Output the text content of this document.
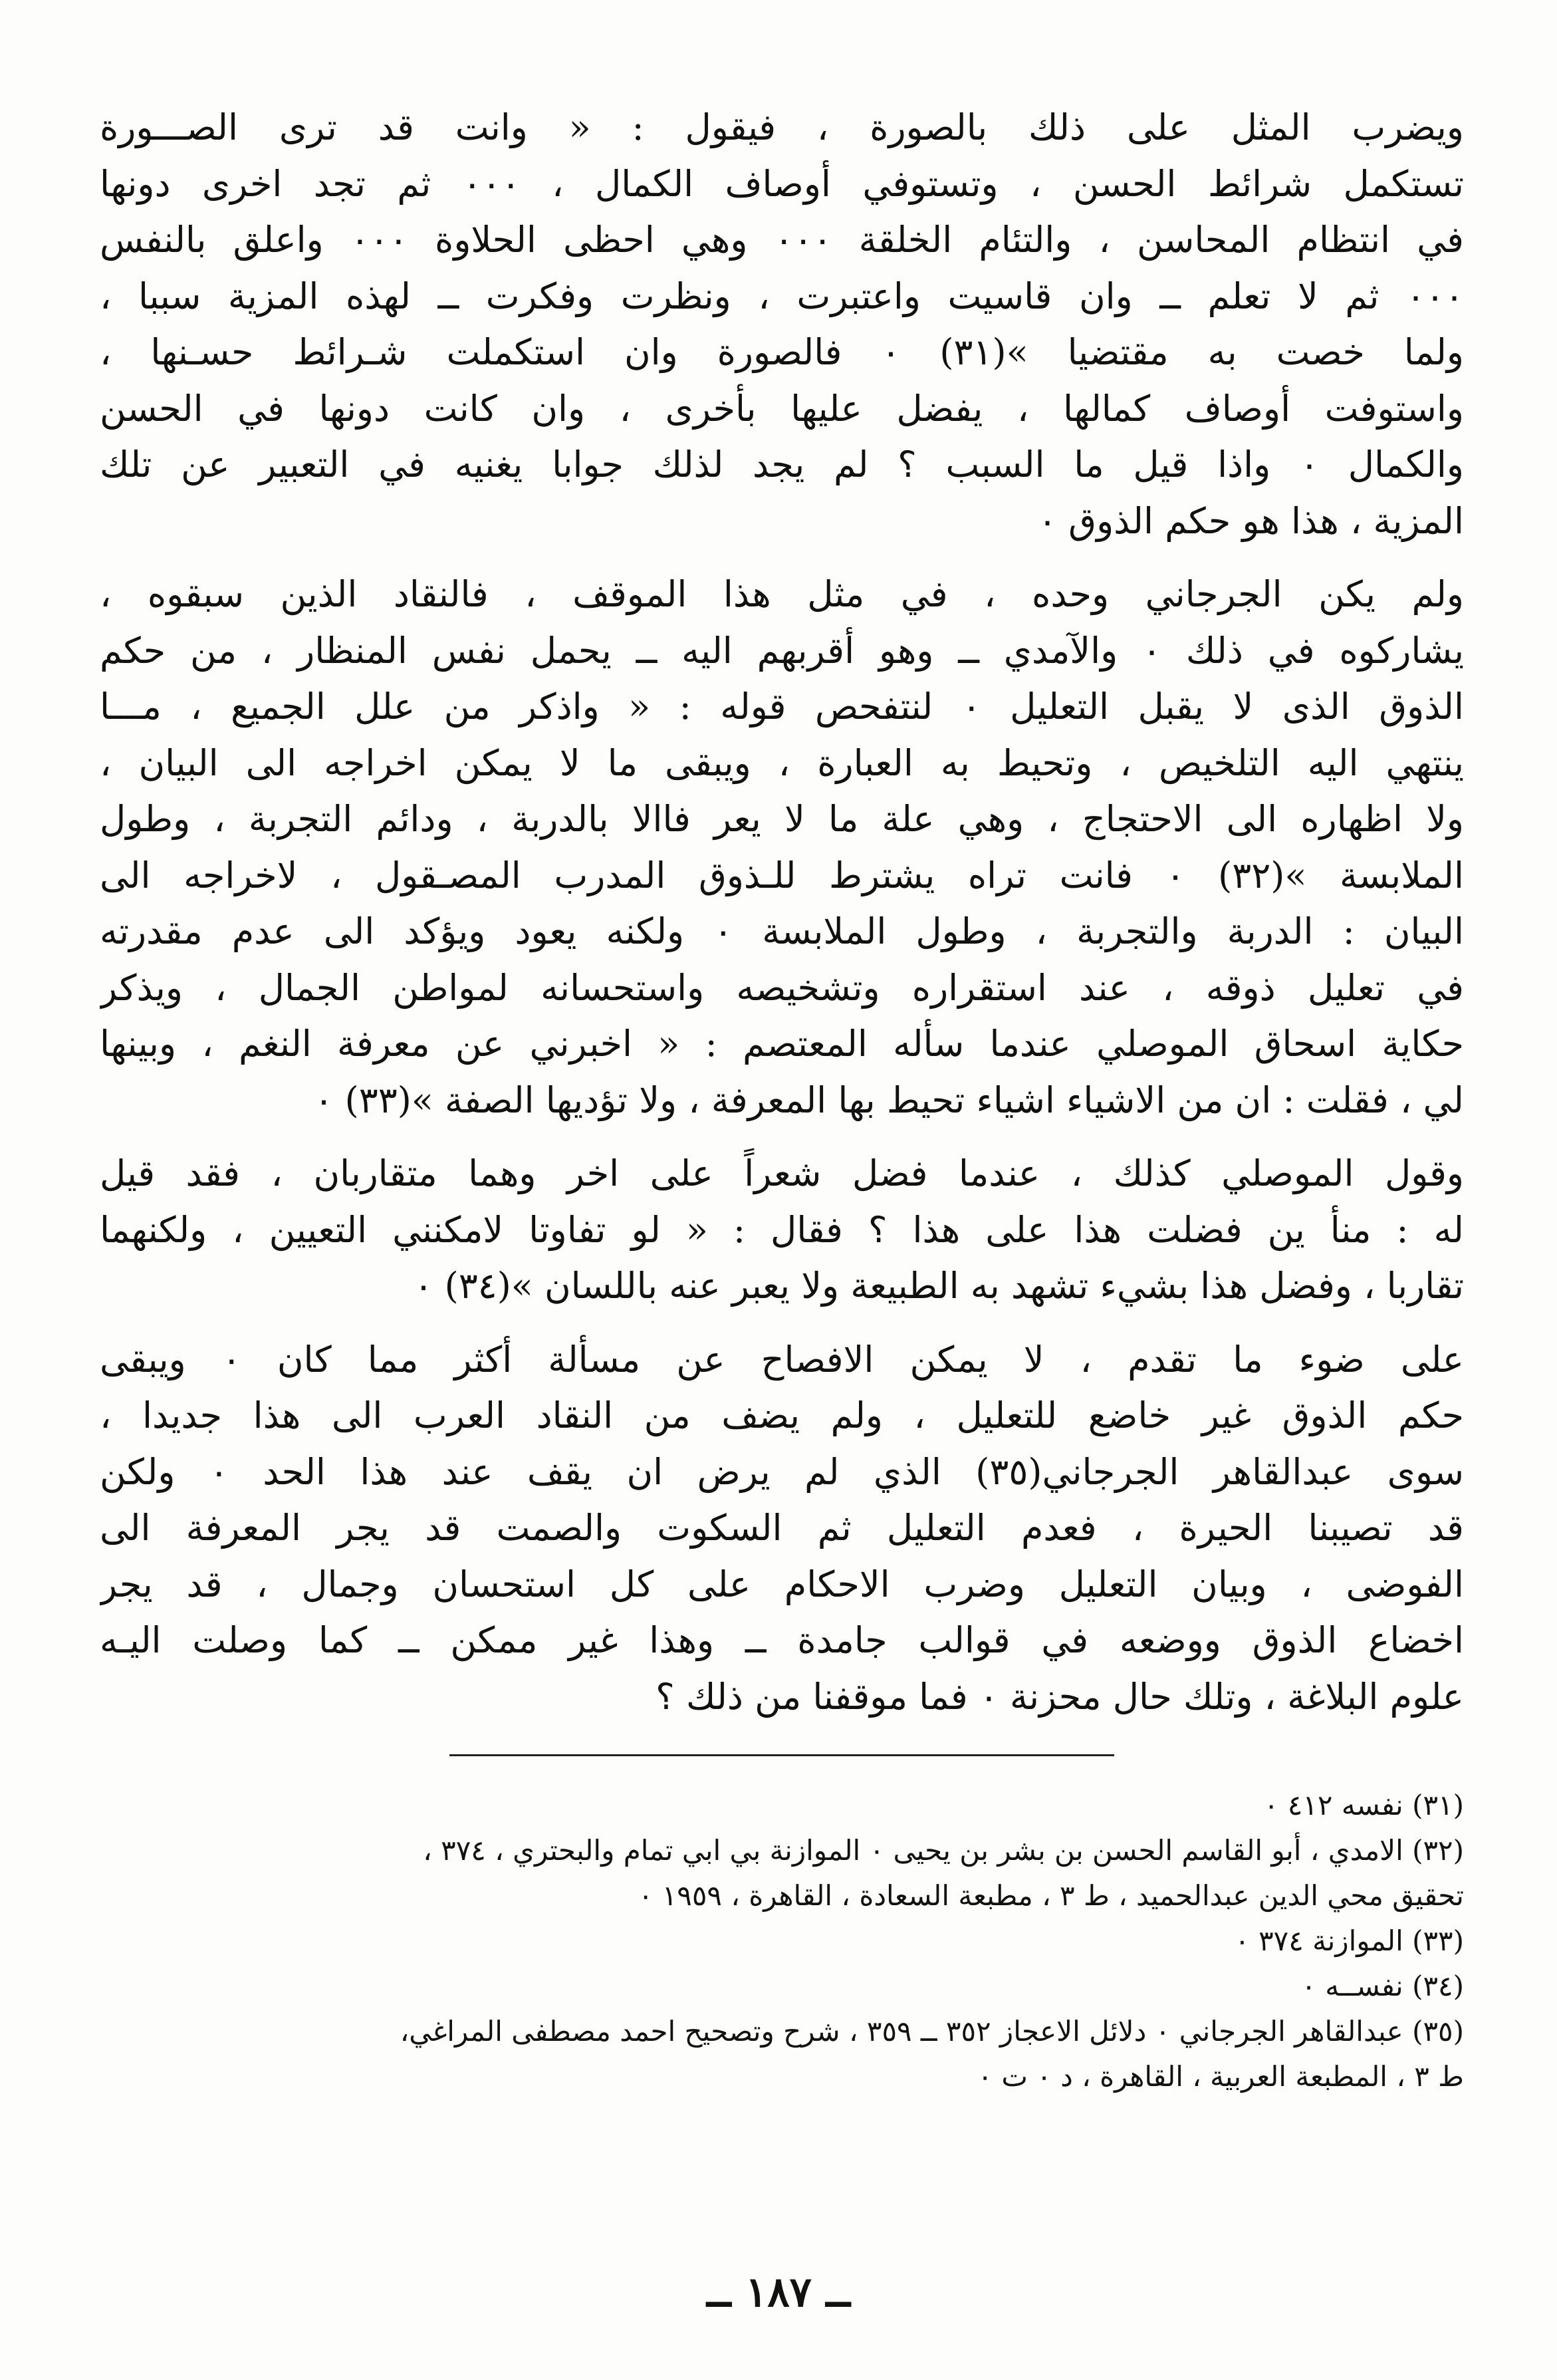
ويضرب المثل على ذلك بالصورة ، فيقول : « وانت قد ترى الصـــورة
تستكمل شرائط الحسن ، وتستوفي أوصاف الكمال ، ٠٠٠ ثم تجد اخرى دونها
في انتظام المحاسن ، والتئام الخلقة ٠٠٠ وهي احظى الحلاوة ٠٠٠ واعلق بالنفس
٠٠٠ ثم لا تعلم ــ وان قاسيت واعتبرت ، ونظرت وفكرت ــ لهذه المزية سببا ،
ولما خصت به مقتضيا »(٣١) ٠ فالصورة وان استكملت شـرائط حسـنها ،
واستوفت أوصاف كمالها ، يفضل عليها بأخرى ، وان كانت دونها في الحسن
والكمال ٠ واذا قيل ما السبب ؟ لم يجد لذلك جوابا يغنيه في التعبير عن تلك
المزية ، هذا هو حكم الذوق ٠
ولم يكن الجرجاني وحده ، في مثل هذا الموقف ، فالنقاد الذين سبقوه ،
يشاركوه في ذلك ٠ والآمدي ــ وهو أقربهم اليه ــ يحمل نفس المنظار ، من حكم
الذوق الذى لا يقبل التعليل ٠ لنتفحص قوله : « واذكر من علل الجميع ، مـــا
ينتهي اليه التلخيص ، وتحيط به العبارة ، ويبقى ما لا يمكن اخراجه الى البيان ،
ولا اظهاره الى الاحتجاج ، وهي علة ما لا يعر فاالا بالدربة ، ودائم التجربة ، وطول
الملابسة »(٣٢) ٠ فانت تراه يشترط للـذوق المدرب المصـقول ، لاخراجه الى
البيان : الدربة والتجربة ، وطول الملابسة ٠ ولكنه يعود ويؤكد الى عدم مقدرته
في تعليل ذوقه ، عند استقراره وتشخيصه واستحسانه لمواطن الجمال ، ويذكر
حكاية اسحاق الموصلي عندما سأله المعتصم : « اخبرني عن معرفة النغم ، وبينها
لي ، فقلت : ان من الاشياء اشياء تحيط بها المعرفة ، ولا تؤديها الصفة »(٣٣) ٠
وقول الموصلي كذلك ، عندما فضل شعراً على اخر وهما متقاربان ، فقد قيل
له : منأ ين فضلت هذا على هذا ؟ فقال : « لو تفاوتا لامكنني التعيين ، ولكنهما
تقاربا ، وفضل هذا بشيء تشهد به الطبيعة ولا يعبر عنه باللسان »(٣٤) ٠
على ضوء ما تقدم ، لا يمكن الافصاح عن مسألة أكثر مما كان ٠ ويبقى
حكم الذوق غير خاضع للتعليل ، ولم يضف من النقاد العرب الى هذا جديدا ،
سوى عبدالقاهر الجرجاني(٣٥) الذي لم يرض ان يقف عند هذا الحد ٠ ولكن
قد تصيبنا الحيرة ، فعدم التعليل ثم السكوت والصمت قد يجر المعرفة الى
الفوضى ، وبيان التعليل وضرب الاحكام على كل استحسان وجمال ، قد يجر
اخضاع الذوق ووضعه في قوالب جامدة ــ وهذا غير ممكن ــ كما وصلت اليـه
علوم البلاغة ، وتلك حال محزنة ٠ فما موقفنا من ذلك ؟
(٣١) نفسه ٤١٢ ٠
(٣٢) الامدي ، أبو القاسم الحسن بن بشر بن يحيى ٠ الموازنة بي ابي تمام والبحتري ، ٣٧٤ ،
تحقيق محي الدين عبدالحميد ، ط ٣ ، مطبعة السعادة ، القاهرة ، ١٩٥٩ ٠
(٣٣) الموازنة ٣٧٤ ٠
(٣٤) نفســه ٠
(٣٥) عبدالقاهر الجرجاني ٠ دلائل الاعجاز ٣٥٢ ــ ٣٥٩ ، شرح وتصحيح احمد مصطفى المراغي،
ط ٣ ، المطبعة العربية ، القاهرة ، د ٠ ت ٠
ــ ١٨٧ ــ
